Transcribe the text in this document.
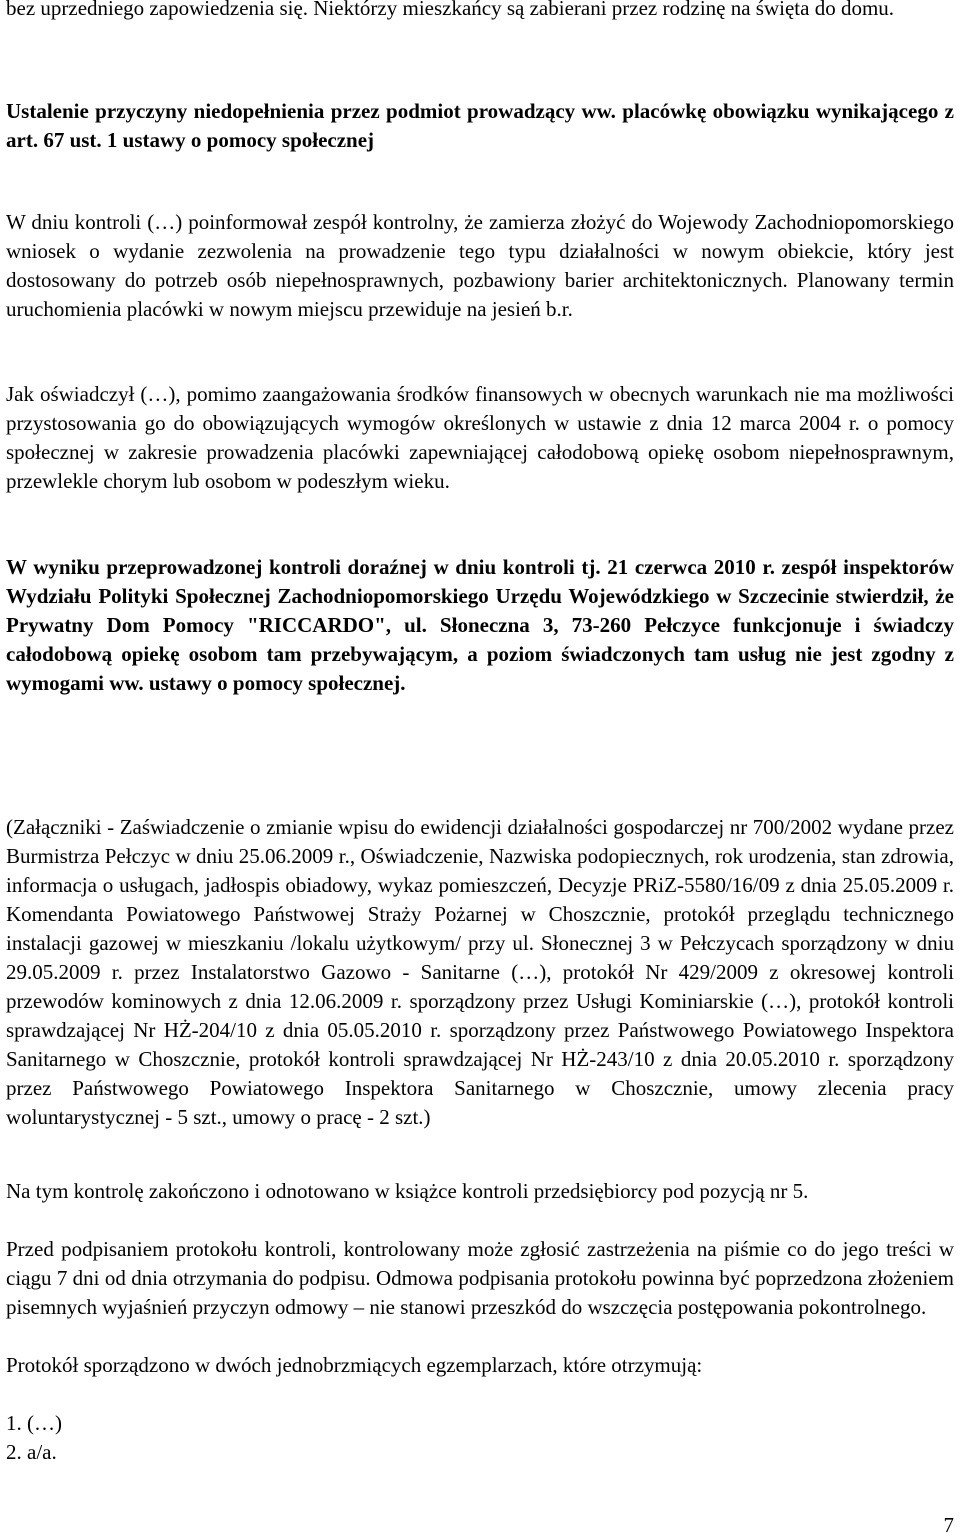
bez uprzedniego zapowiedzenia się. Niektórzy mieszkańcy są zabierani przez rodzinę na święta do domu.

Ustalenie przyczyny niedopełnienia przez podmiot prowadzący ww. placówkę obowiązku wynikającego z art. 67 ust. 1 ustawy o pomocy społecznej

W dniu kontroli (…) poinformował zespół kontrolny, że zamierza złożyć do Wojewody Zachodniopomorskiego wniosek o wydanie zezwolenia na prowadzenie tego typu działalności w nowym obiekcie, który jest dostosowany do potrzeb osób niepełnosprawnych, pozbawiony barier architektonicznych. Planowany termin uruchomienia placówki w nowym miejscu przewiduje na jesień b.r.

Jak oświadczył (…), pomimo zaangażowania środków finansowych w obecnych warunkach nie ma możliwości przystosowania go do obowiązujących wymogów określonych w ustawie z dnia 12 marca 2004 r. o pomocy społecznej w zakresie prowadzenia placówki zapewniającej całodobową opiekę osobom niepełnosprawnym, przewlekle chorym lub osobom w podeszłym wieku.

W wyniku przeprowadzonej kontroli doraźnej w dniu kontroli tj. 21 czerwca 2010 r. zespół inspektorów Wydziału Polityki Społecznej Zachodniopomorskiego Urzędu Wojewódzkiego w Szczecinie stwierdził, że Prywatny Dom Pomocy "RICCARDO", ul. Słoneczna 3, 73-260 Pełczyce funkcjonuje i świadczy całodobową opiekę osobom tam przebywającym, a poziom świadczonych tam usług nie jest zgodny z wymogami ww. ustawy o pomocy społecznej.

(Załączniki - Zaświadczenie o zmianie wpisu do ewidencji działalności gospodarczej nr 700/2002 wydane przez Burmistrza Pełczyc w dniu 25.06.2009 r., Oświadczenie, Nazwiska podopiecznych, rok urodzenia, stan zdrowia, informacja o usługach, jadłospis obiadowy, wykaz pomieszczeń, Decyzje PRiZ-5580/16/09 z dnia 25.05.2009 r. Komendanta Powiatowego Państwowej Straży Pożarnej w Choszcznie, protokół przeglądu technicznego instalacji gazowej w mieszkaniu /lokalu użytkowym/ przy ul. Słonecznej 3 w Pełczycach sporządzony w dniu 29.05.2009 r. przez Instalatorstwo Gazowo - Sanitarne (…), protokół Nr 429/2009 z okresowej kontroli przewodów kominowych z dnia 12.06.2009 r. sporządzony przez Usługi Kominiarskie (…), protokół kontroli sprawdzającej Nr HŻ-204/10 z dnia 05.05.2010 r. sporządzony przez Państwowego Powiatowego Inspektora Sanitarnego w Choszcznie, protokół kontroli sprawdzającej Nr HŻ-243/10 z dnia 20.05.2010 r. sporządzony przez Państwowego Powiatowego Inspektora Sanitarnego w Choszcznie, umowy zlecenia pracy woluntarystycznej - 5 szt., umowy o pracę - 2 szt.)

Na tym kontrolę zakończono i odnotowano w książce kontroli przedsiębiorcy pod pozycją nr 5.

Przed podpisaniem protokołu kontroli, kontrolowany może zgłosić zastrzeżenia na piśmie co do jego treści w ciągu 7 dni od dnia otrzymania do podpisu. Odmowa podpisania protokołu powinna być poprzedzona złożeniem pisemnych wyjaśnień przyczyn odmowy – nie stanowi przeszkód do wszczęcia postępowania pokontrolnego.

Protokół sporządzono w dwóch jednobrzmiących egzemplarzach, które otrzymują:

1. (…)

2. a/a.

7
